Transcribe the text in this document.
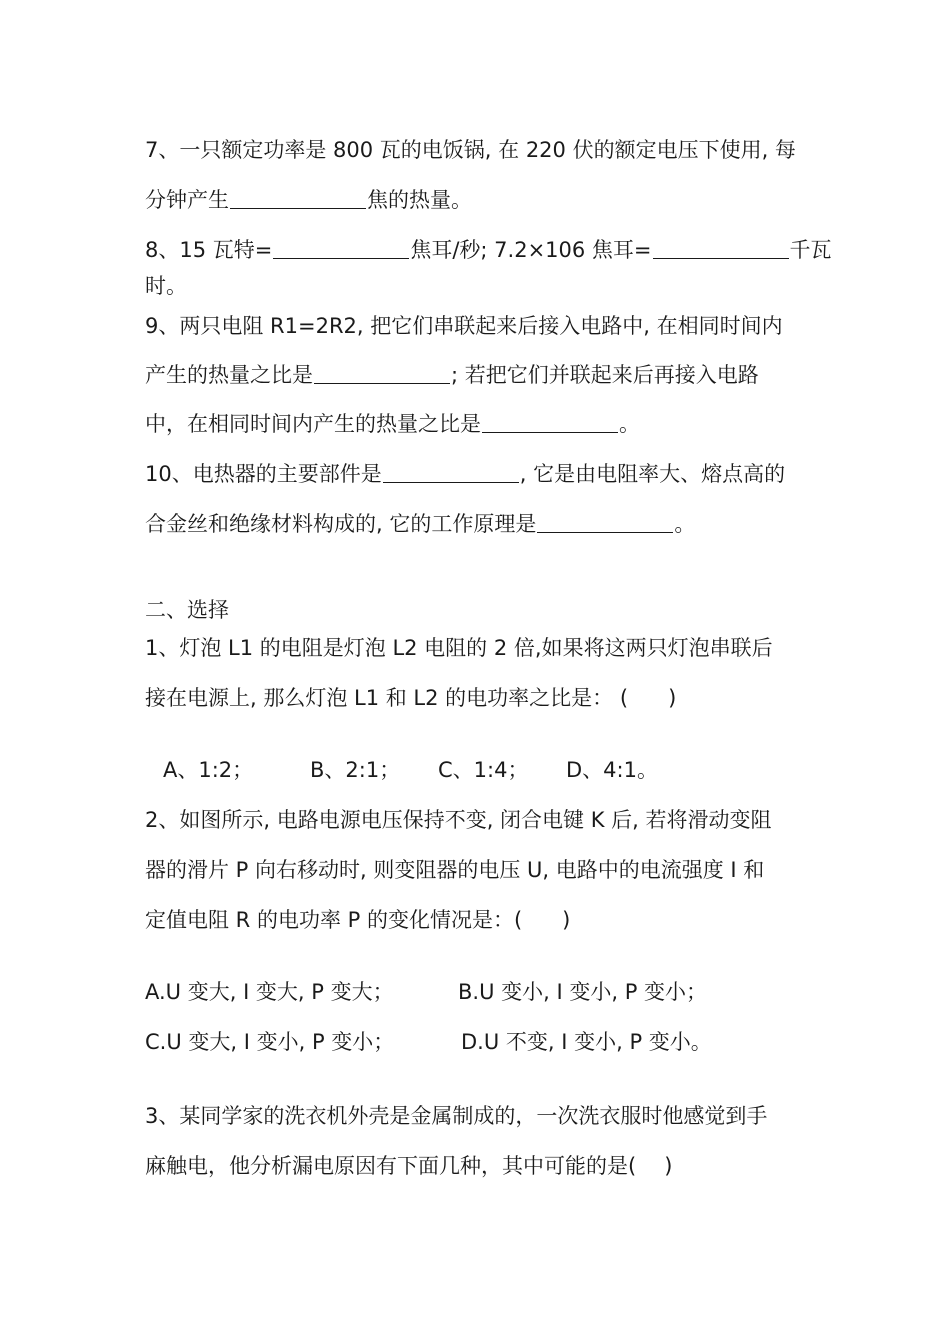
7、一只额定功率是 800 瓦的电饭锅, 在 220 伏的额定电压下使用, 每

分钟产生	焦的热量。

8、15 瓦特=	焦耳/秒; 7.2×106 焦耳=	千瓦

时。

9、两只电阻 R1=2R2, 把它们串联起来后接入电路中, 在相同时间内

产生的热量之比是	; 若把它们并联起来后再接入电路

中，在相同时间内产生的热量之比是	。

10、电热器的主要部件是	, 它是由电阻率大、熔点高的

合金丝和绝缘材料构成的, 它的工作原理是	。

二、选择

1、灯泡 L1 的电阻是灯泡 L2 电阻的 2 倍,如果将这两只灯泡串联后

接在电源上, 那么灯泡 L1 和 L2 的电功率之比是： ( )

A、1:2；	B、2:1； C、1:4； D、4:1。

2、如图所示, 电路电源电压保持不变, 闭合电键 K 后, 若将滑动变阻

器的滑片 P 向右移动时, 则变阻器的电压 U, 电路中的电流强度 I 和

定值电阻 R 的电功率 P 的变化情况是：( )

A.U 变大, I 变大, P 变大；	B.U 变小, I 变小, P 变小；

C.U 变大, I 变小, P 变小；	D.U 不变, I 变小, P 变小。

3、某同学家的洗衣机外壳是金属制成的，一次洗衣服时他感觉到手

麻触电，他分析漏电原因有下面几种，其中可能的是( )
